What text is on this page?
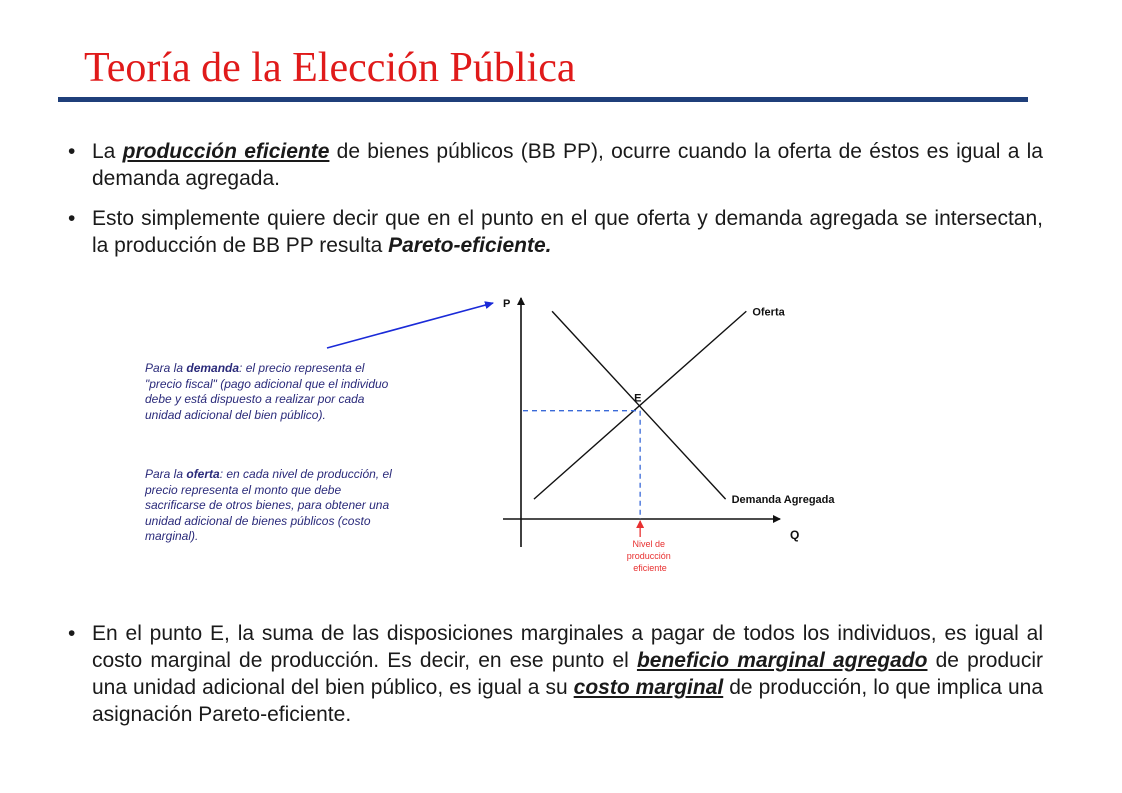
Teoría de la Elección Pública
• La producción eficiente de bienes públicos (BB PP), ocurre cuando la oferta de éstos es igual a la demanda agregada.
• Esto simplemente quiere decir que en el punto en el que oferta y demanda agregada se intersectan, la producción de BB PP resulta Pareto-eficiente.

Para la demanda: el precio representa el "precio fiscal" (pago adicional que el individuo debe y está dispuesto a realizar por cada unidad adicional del bien público).

Para la oferta: en cada nivel de producción, el precio representa el monto que debe sacrificarse de otros bienes, para obtener una unidad adicional de bienes públicos (costo marginal).

P
Q
Oferta
Demanda Agregada
E
Nivel de producción eficiente
• En el punto E, la suma de las disposiciones marginales a pagar de todos los individuos, es igual al costo marginal de producción. Es decir, en ese punto el beneficio marginal agregado de producir una unidad adicional del bien público, es igual a su costo marginal de producción, lo que implica una asignación Pareto-eficiente.
